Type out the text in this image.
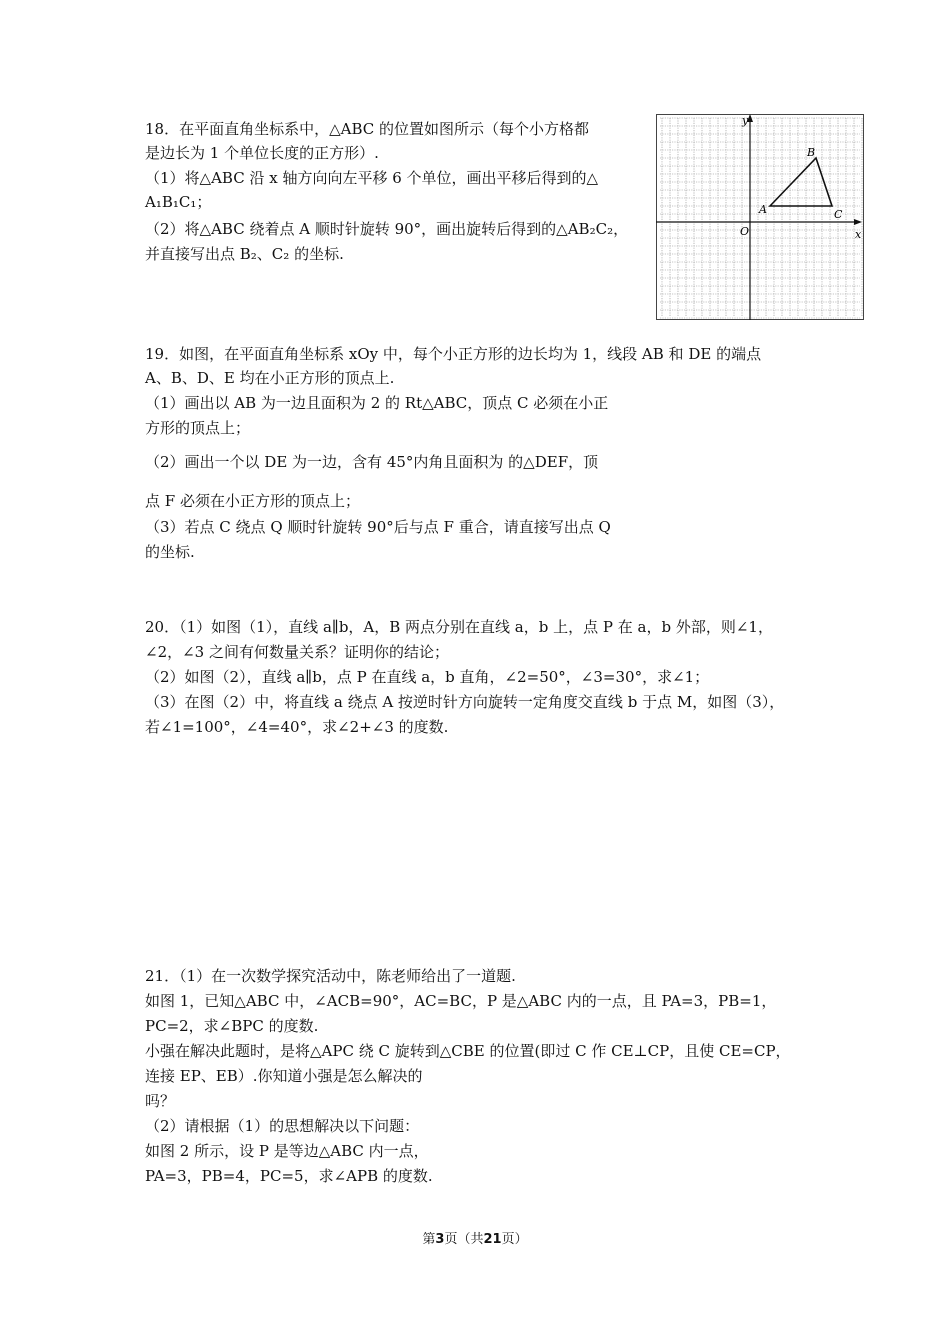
18．在平面直角坐标系中，△ABC 的位置如图所示（每个小方格都
是边长为 1 个单位长度的正方形）.
（1）将△ABC 沿 x 轴方向向左平移 6 个单位，画出平移后得到的△
A₁B₁C₁；
（2）将△ABC 绕着点 A 顺时针旋转 90°，画出旋转后得到的△AB₂C₂，
并直接写出点 B₂、C₂ 的坐标.
y
x
O
A
B
C
19．如图，在平面直角坐标系 xOy 中，每个小正方形的边长均为 1，线段 AB 和 DE 的端点
A、B、D、E 均在小正方形的顶点上.
（1）画出以 AB 为一边且面积为 2 的 Rt△ABC，顶点 C 必须在小正
方形的顶点上；
（2）画出一个以 DE 为一边，含有 45°内角且面积为 的△DEF，顶
点 F 必须在小正方形的顶点上；
（3）若点 C 绕点 Q 顺时针旋转 90°后与点 F 重合，请直接写出点 Q
的坐标.
20．（1）如图（1），直线 a∥b，A，B 两点分别在直线 a，b 上，点 P 在 a，b 外部，则∠1，
∠2，∠3 之间有何数量关系？证明你的结论；
（2）如图（2），直线 a∥b，点 P 在直线 a，b 直角，∠2=50°，∠3=30°，求∠1；
（3）在图（2）中，将直线 a 绕点 A 按逆时针方向旋转一定角度交直线 b 于点 M，如图（3），
若∠1=100°，∠4=40°，求∠2+∠3 的度数.
21．（1）在一次数学探究活动中，陈老师给出了一道题.
如图 1，已知△ABC 中，∠ACB=90°，AC=BC，P 是△ABC 内的一点，且 PA=3，PB=1，
PC=2，求∠BPC 的度数.
小强在解决此题时，是将△APC 绕 C 旋转到△CBE 的位置(即过 C 作 CE⊥CP，且使 CE=CP，
连接 EP、EB）.你知道小强是怎么解决的
吗？
（2）请根据（1）的思想解决以下问题：
如图 2 所示，设 P 是等边△ABC 内一点，
PA=3，PB=4，PC=5，求∠APB 的度数.
第3页（共21页）
